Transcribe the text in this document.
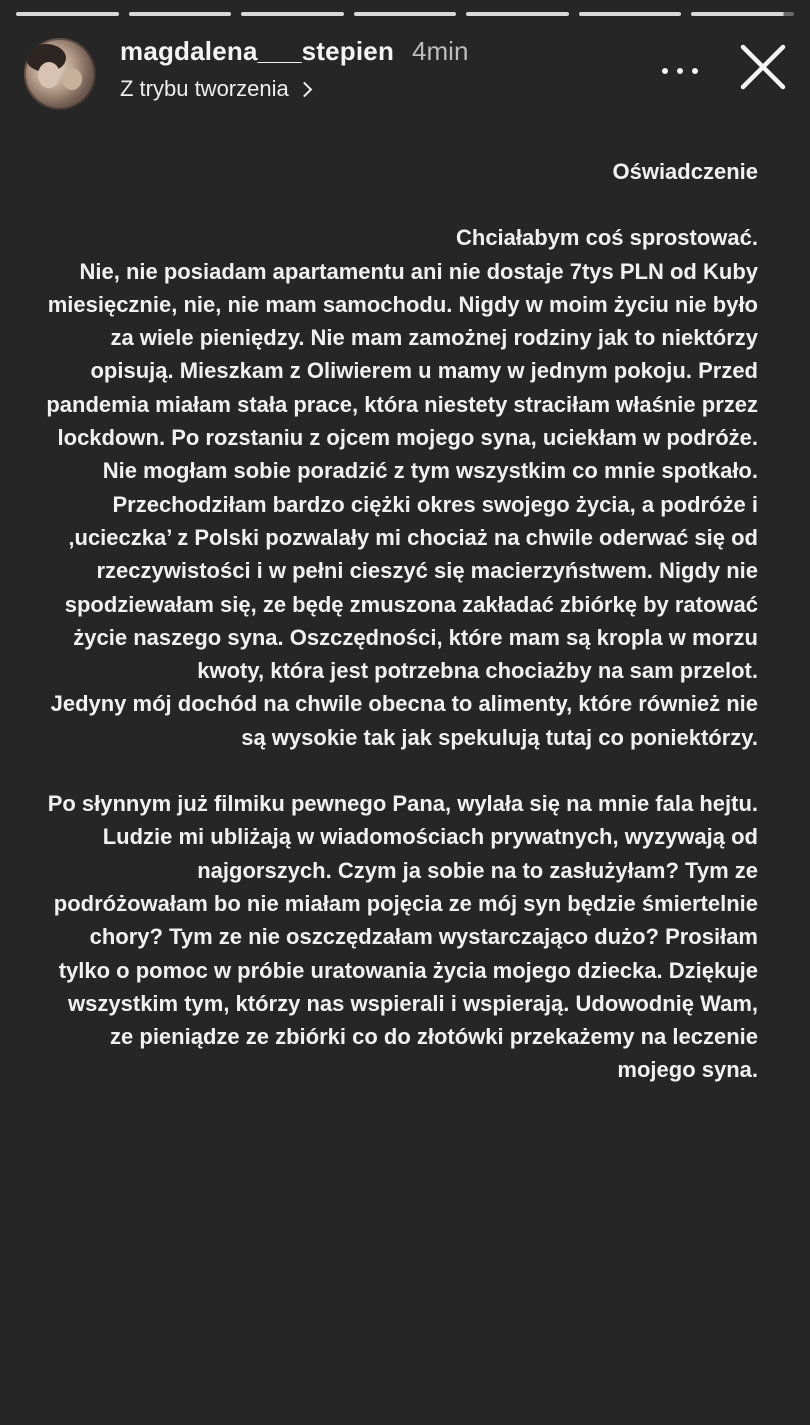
magdalena___stepien 4min
Z trybu tworzenia

Oświadczenie

Chciałabym coś sprostować.
Nie, nie posiadam apartamentu ani nie dostaje 7tys PLN od Kuby miesięcznie, nie, nie mam samochodu. Nigdy w moim życiu nie było za wiele pieniędzy. Nie mam zamożnej rodziny jak to niektórzy opisują. Mieszkam z Oliwierem u mamy w jednym pokoju. Przed pandemia miałam stała prace, która niestety straciłam właśnie przez lockdown. Po rozstaniu z ojcem mojego syna, uciekłam w podróże. Nie mogłam sobie poradzić z tym wszystkim co mnie spotkało. Przechodziłam bardzo ciężki okres swojego życia, a podróże i ‚ucieczka’ z Polski pozwalały mi chociaż na chwile oderwać się od rzeczywistości i w pełni cieszyć się macierzyństwem. Nigdy nie spodziewałam się, ze będę zmuszona zakładać zbiórkę by ratować życie naszego syna. Oszczędności, które mam są kropla w morzu kwoty, która jest potrzebna chociażby na sam przelot.
Jedyny mój dochód na chwile obecna to alimenty, które również nie są wysokie tak jak spekulują tutaj co poniektórzy.

Po słynnym już filmiku pewnego Pana, wylała się na mnie fala hejtu. Ludzie mi ubliżają w wiadomościach prywatnych, wyzywają od najgorszych. Czym ja sobie na to zasłużyłam? Tym ze podróżowałam bo nie miałam pojęcia ze mój syn będzie śmiertelnie chory? Tym ze nie oszczędzałam wystarczająco dużo? Prosiłam tylko o pomoc w próbie uratowania życia mojego dziecka. Dziękuje wszystkim tym, którzy nas wspierali i wspierają. Udowodnię Wam, ze pieniądze ze zbiórki co do złotówki przekażemy na leczenie mojego syna.
